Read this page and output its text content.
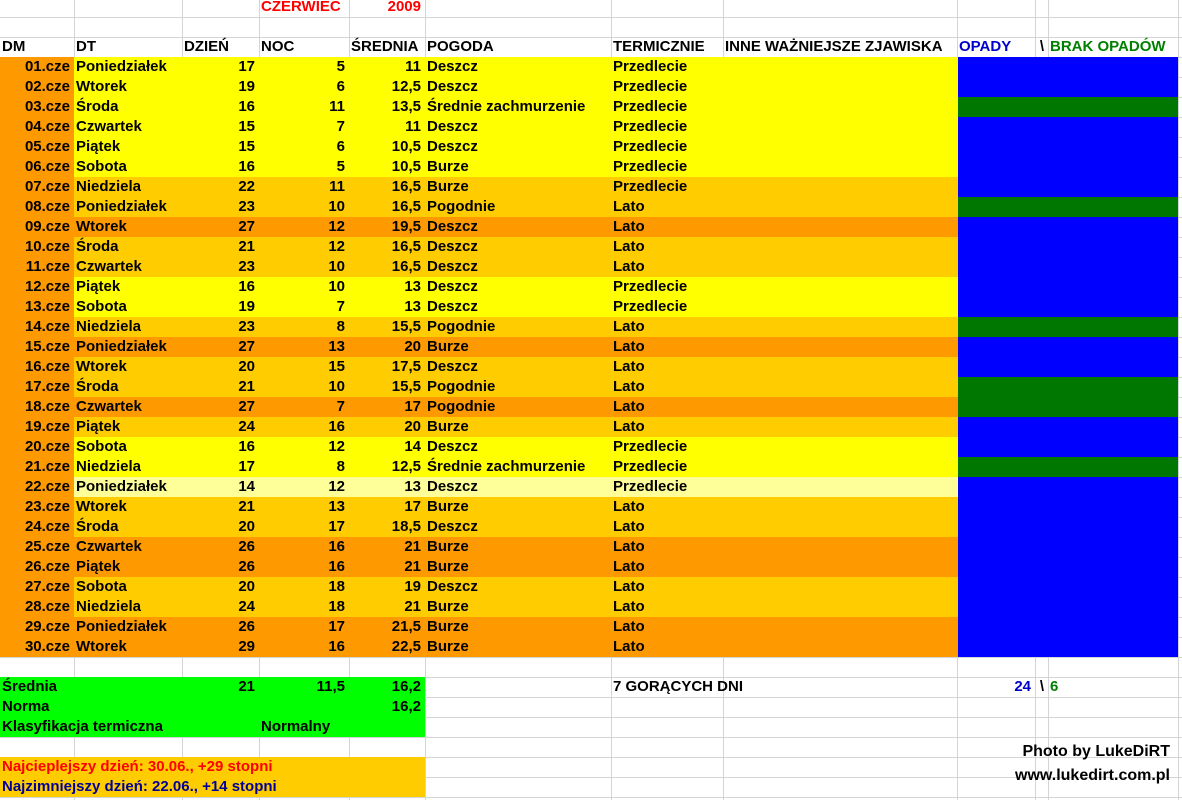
CZERWIEC	2009
DM	DT	DZIEŃ	NOC	ŚREDNIA POGODA	TERMICZNIE	INNE WAŻNIEJSZE ZJAWISKA	OPADY	\ BRAK OPADÓW
01.cze Poniedziałek	17	5	11 Deszcz	Przedlecie
02.cze Wtorek	19	6	12,5 Deszcz	Przedlecie
03.cze Środa	16	11	13,5 Średnie zachmurzenie	Przedlecie
04.cze Czwartek	15	7	11 Deszcz	Przedlecie
05.cze Piątek	15	6	10,5 Deszcz	Przedlecie
06.cze Sobota	16	5	10,5 Burze	Przedlecie
07.cze Niedziela	22	11	16,5 Burze	Przedlecie
08.cze Poniedziałek	23	10	16,5 Pogodnie	Lato
09.cze Wtorek	27	12	19,5 Deszcz	Lato
10.cze Środa	21	12	16,5 Deszcz	Lato
11.cze Czwartek	23	10	16,5 Deszcz	Lato
12.cze Piątek	16	10	13 Deszcz	Przedlecie
13.cze Sobota	19	7	13 Deszcz	Przedlecie
14.cze Niedziela	23	8	15,5 Pogodnie	Lato
15.cze Poniedziałek	27	13	20 Burze	Lato
16.cze Wtorek	20	15	17,5 Deszcz	Lato
17.cze Środa	21	10	15,5 Pogodnie	Lato
18.cze Czwartek	27	7	17 Pogodnie	Lato
19.cze Piątek	24	16	20 Burze	Lato
20.cze Sobota	16	12	14 Deszcz	Przedlecie
21.cze Niedziela	17	8	12,5 Średnie zachmurzenie	Przedlecie
22.cze Poniedziałek	14	12	13 Deszcz	Przedlecie
23.cze Wtorek	21	13	17 Burze	Lato
24.cze Środa	20	17	18,5 Deszcz	Lato
25.cze Czwartek	26	16	21 Burze	Lato
26.cze Piątek	26	16	21 Burze	Lato
27.cze Sobota	20	18	19 Deszcz	Lato
28.cze Niedziela	24	18	21 Burze	Lato
29.cze Poniedziałek	26	17	21,5 Burze	Lato
30.cze Wtorek	29	16	22,5 Burze	Lato
Średnia	21	11,5	16,2
Norma	16,2
Klasyfikacja termiczna	Normalny
7 GORĄCYCH DNI	24 \ 6
Najcieplejszy dzień: 30.06., +29 stopni
Najzimniejszy dzień: 22.06., +14 stopni
Photo by LukeDiRT
www.lukedirt.com.pl
